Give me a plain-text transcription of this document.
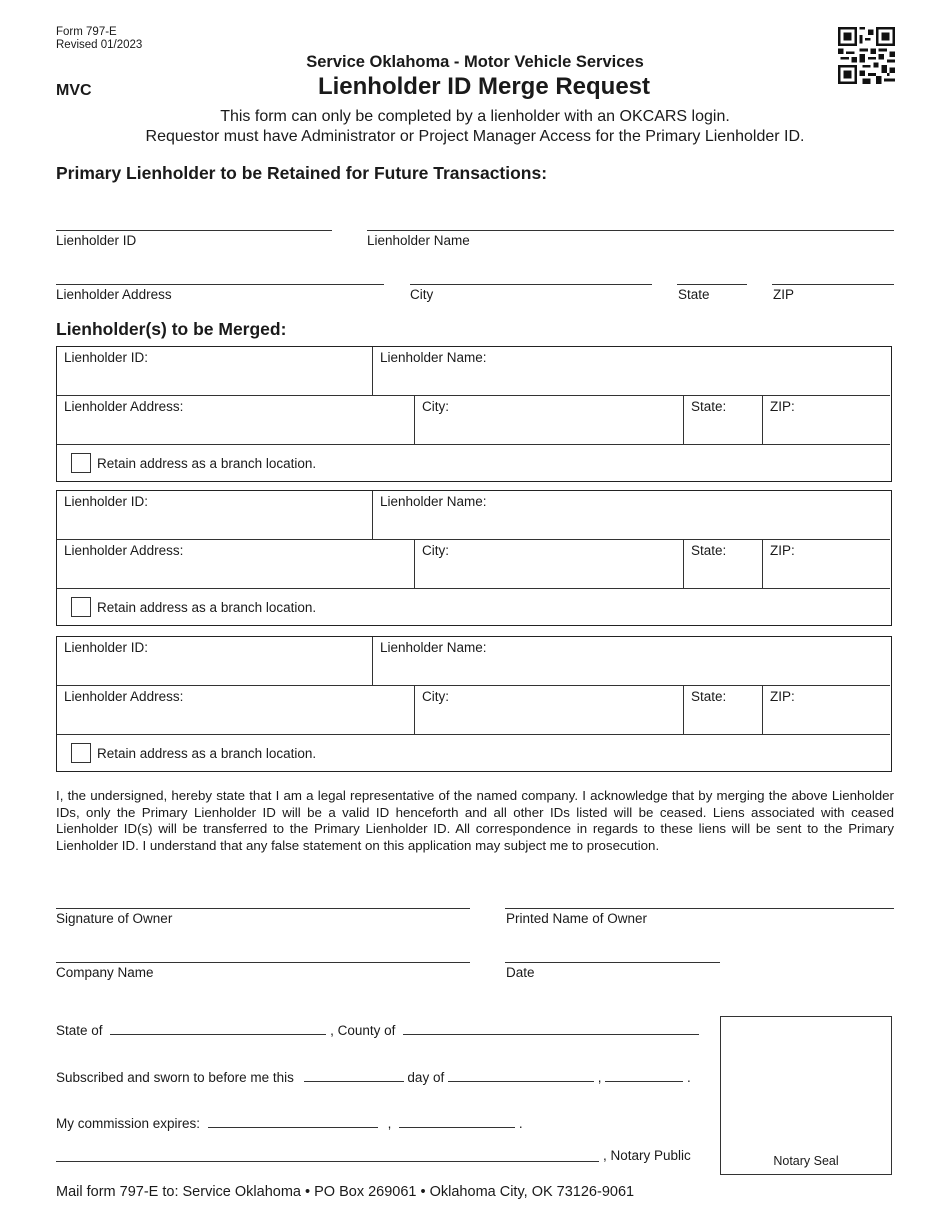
Form 797-E
Revised 01/2023
MVC
Service Oklahoma - Motor Vehicle Services
Lienholder ID Merge Request
This form can only be completed by a lienholder with an OKCARS login.
Requestor must have Administrator or Project Manager Access for the Primary Lienholder ID.
Primary Lienholder to be Retained for Future Transactions:
Lienholder ID	Lienholder Name
Lienholder Address	City	State	ZIP
Lienholder(s) to be Merged:
Lienholder ID:	Lienholder Name:
Lienholder Address:	City:	State:	ZIP:
Retain address as a branch location.
Lienholder ID:	Lienholder Name:
Lienholder Address:	City:	State:	ZIP:
Retain address as a branch location.
Lienholder ID:	Lienholder Name:
Lienholder Address:	City:	State:	ZIP:
Retain address as a branch location.
I, the undersigned, hereby state that I am a legal representative of the named company. I acknowledge that by merging the above Lienholder IDs, only the Primary Lienholder ID will be a valid ID henceforth and all other IDs listed will be ceased. Liens associated with ceased Lienholder ID(s) will be transferred to the Primary Lienholder ID. All correspondence in regards to these liens will be sent to the Primary Lienholder ID. I understand that any false statement on this application may subject me to prosecution.
Signature of Owner	Printed Name of Owner
Company Name	Date
State of	, County of
Subscribed and sworn to before me this	day of	,	.
My commission expires:	,	.
, Notary Public	Notary Seal
Mail form 797-E to: Service Oklahoma • PO Box 269061 • Oklahoma City, OK 73126-9061
